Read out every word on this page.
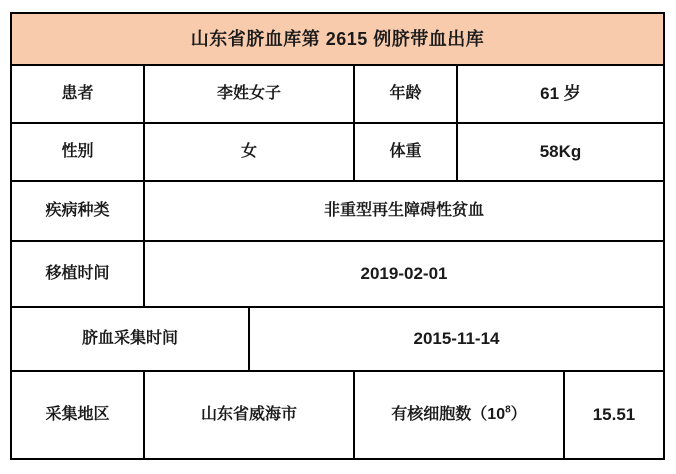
山东省脐血库第 2615 例脐带血出库
患者	李姓女子	年龄	61 岁
性别	女	体重	58Kg
疾病种类	非重型再生障碍性贫血
移植时间	2019-02-01
脐血采集时间	2015-11-14
采集地区	山东省威海市	有核细胞数$(10^8)$	15.51
